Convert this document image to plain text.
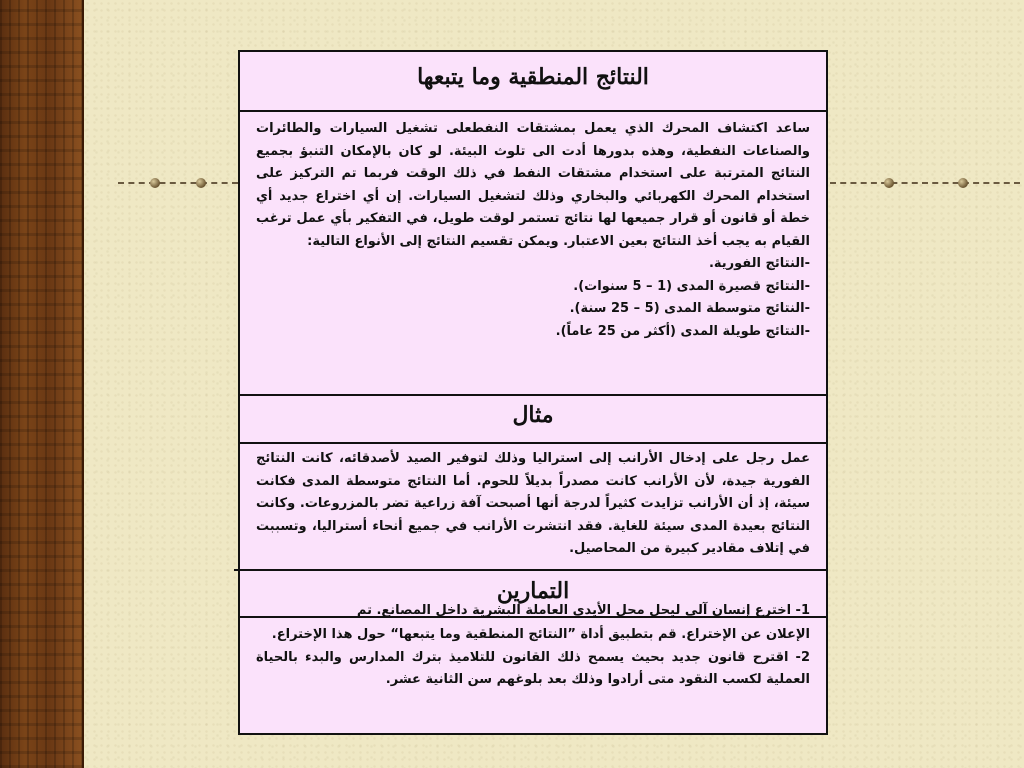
النتائج المنطقية وما يتبعها

ساعد اكتشاف المحرك الذي يعمل بمشتقات النفطعلى تشغيل السيارات والطائرات والصناعات النفطية، وهذه بدورها أدت الى تلوث البيئة. لو كان بالإمكان التنبؤ بجميع النتائج المترتبة على استخدام مشتقات النفط في ذلك الوقت فربما تم التركيز على استخدام المحرك الكهربائي والبخاري وذلك لتشغيل السيارات. إن أي اختراع جديد أي خطة أو قانون أو قرار جميعها لها نتائج تستمر لوقت طويل، في التفكير بأي عمل ترغب القيام به يجب أخذ النتائج بعين الاعتبار. ويمكن تقسيم النتائج إلى الأنواع التالية:

-النتائج الفورية.
-النتائج قصيرة المدى (1 – 5 سنوات).
-النتائج متوسطة المدى (5 – 25 سنة).
-النتائج طويلة المدى (أكثر من 25 عاماً).
مثال

عمل رجل على إدخال الأرانب إلى استراليا وذلك لتوفير الصيد لأصدقائه، كانت النتائج الفورية جيدة، لأن الأرانب كانت مصدراً بديلاً للحوم. أما النتائج متوسطة المدى فكانت سيئة، إذ أن الأرانب تزايدت كثيراً لدرجة أنها أصبحت آفة زراعية تضر بالمزروعات. وكانت النتائج بعيدة المدى سيئة للغاية. فقد انتشرت الأرانب في جميع أنحاء أستراليا، وتسببت في إتلاف مقادير كبيرة من المحاصيل.

التمارين

1- اخترع إنسان آلي ليحل محل الأيدي العاملة البشرية داخل المصانع. تم

الإعلان عن الإختراع. قم بتطبيق أداة ”النتائج المنطقية وما يتبعها“ حول هذا الإختراع.

2- اقترح قانون جديد بحيث يسمح ذلك القانون للتلاميذ بترك المدارس والبدء بالحياة العملية لكسب النقود متى أرادوا وذلك بعد بلوغهم سن الثانية عشر.
